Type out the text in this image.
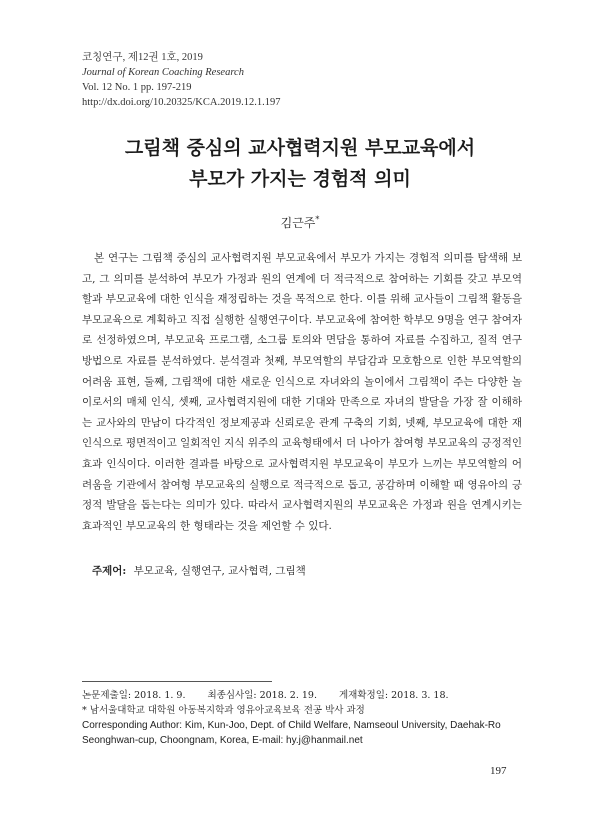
코칭연구, 제12권 1호, 2019
Journal of Korean Coaching Research
Vol. 12 No. 1 pp. 197-219
http://dx.doi.org/10.20325/KCA.2019.12.1.197
그림책 중심의 교사협력지원 부모교육에서
부모가 가지는 경험적 의미
김근주*
본 연구는 그림책 중심의 교사협력지원 부모교육에서 부모가 가지는 경험적 의미를 탐색해 보고, 그 의미를 분석하여 부모가 가정과 원의 연계에 더 적극적으로 참여하는 기회를 갖고 부모역할과 부모교육에 대한 인식을 재정립하는 것을 목적으로 한다. 이를 위해 교사들이 그림책 활동을 부모교육으로 계획하고 직접 실행한 실행연구이다. 부모교육에 참여한 학부모 9명을 연구 참여자로 선정하였으며, 부모교육 프로그램, 소그룹 토의와 면담을 통하여 자료를 수집하고, 질적 연구 방법으로 자료를 분석하였다. 분석결과 첫째, 부모역할의 부담감과 모호함으로 인한 부모역할의 어려움 표현, 둘째, 그림책에 대한 새로운 인식으로 자녀와의 놀이에서 그림책이 주는 다양한 놀이로서의 매체 인식, 셋째, 교사협력지원에 대한 기대와 만족으로 자녀의 발달을 가장 잘 이해하는 교사와의 만남이 다각적인 정보제공과 신뢰로운 관계 구축의 기회, 넷째, 부모교육에 대한 재인식으로 평면적이고 일회적인 지식 위주의 교육형태에서 더 나아가 참여형 부모교육의 긍정적인 효과 인식이다. 이러한 결과를 바탕으로 교사협력지원 부모교육이 부모가 느끼는 부모역할의 어려움을 기관에서 참여형 부모교육의 실행으로 적극적으로 돕고, 공감하며 이해할 때 영유아의 긍정적 발달을 돕는다는 의미가 있다. 따라서 교사협력지원의 부모교육은 가정과 원을 연계시키는 효과적인 부모교육의 한 형태라는 것을 제언할 수 있다.
주제어: 부모교육, 실행연구, 교사협력, 그림책
논문제출일: 2018. 1. 9. 최종심사일: 2018. 2. 19. 게재확정일: 2018. 3. 18.
* 남서울대학교 대학원 아동복지학과 영유아교육보육 전공 박사 과정
Corresponding Author: Kim, Kun-Joo, Dept. of Child Welfare, Namseoul University, Daehak-Ro Seonghwan-cup, Choongnam, Korea, E-mail: hy.j@hanmail.net
197
